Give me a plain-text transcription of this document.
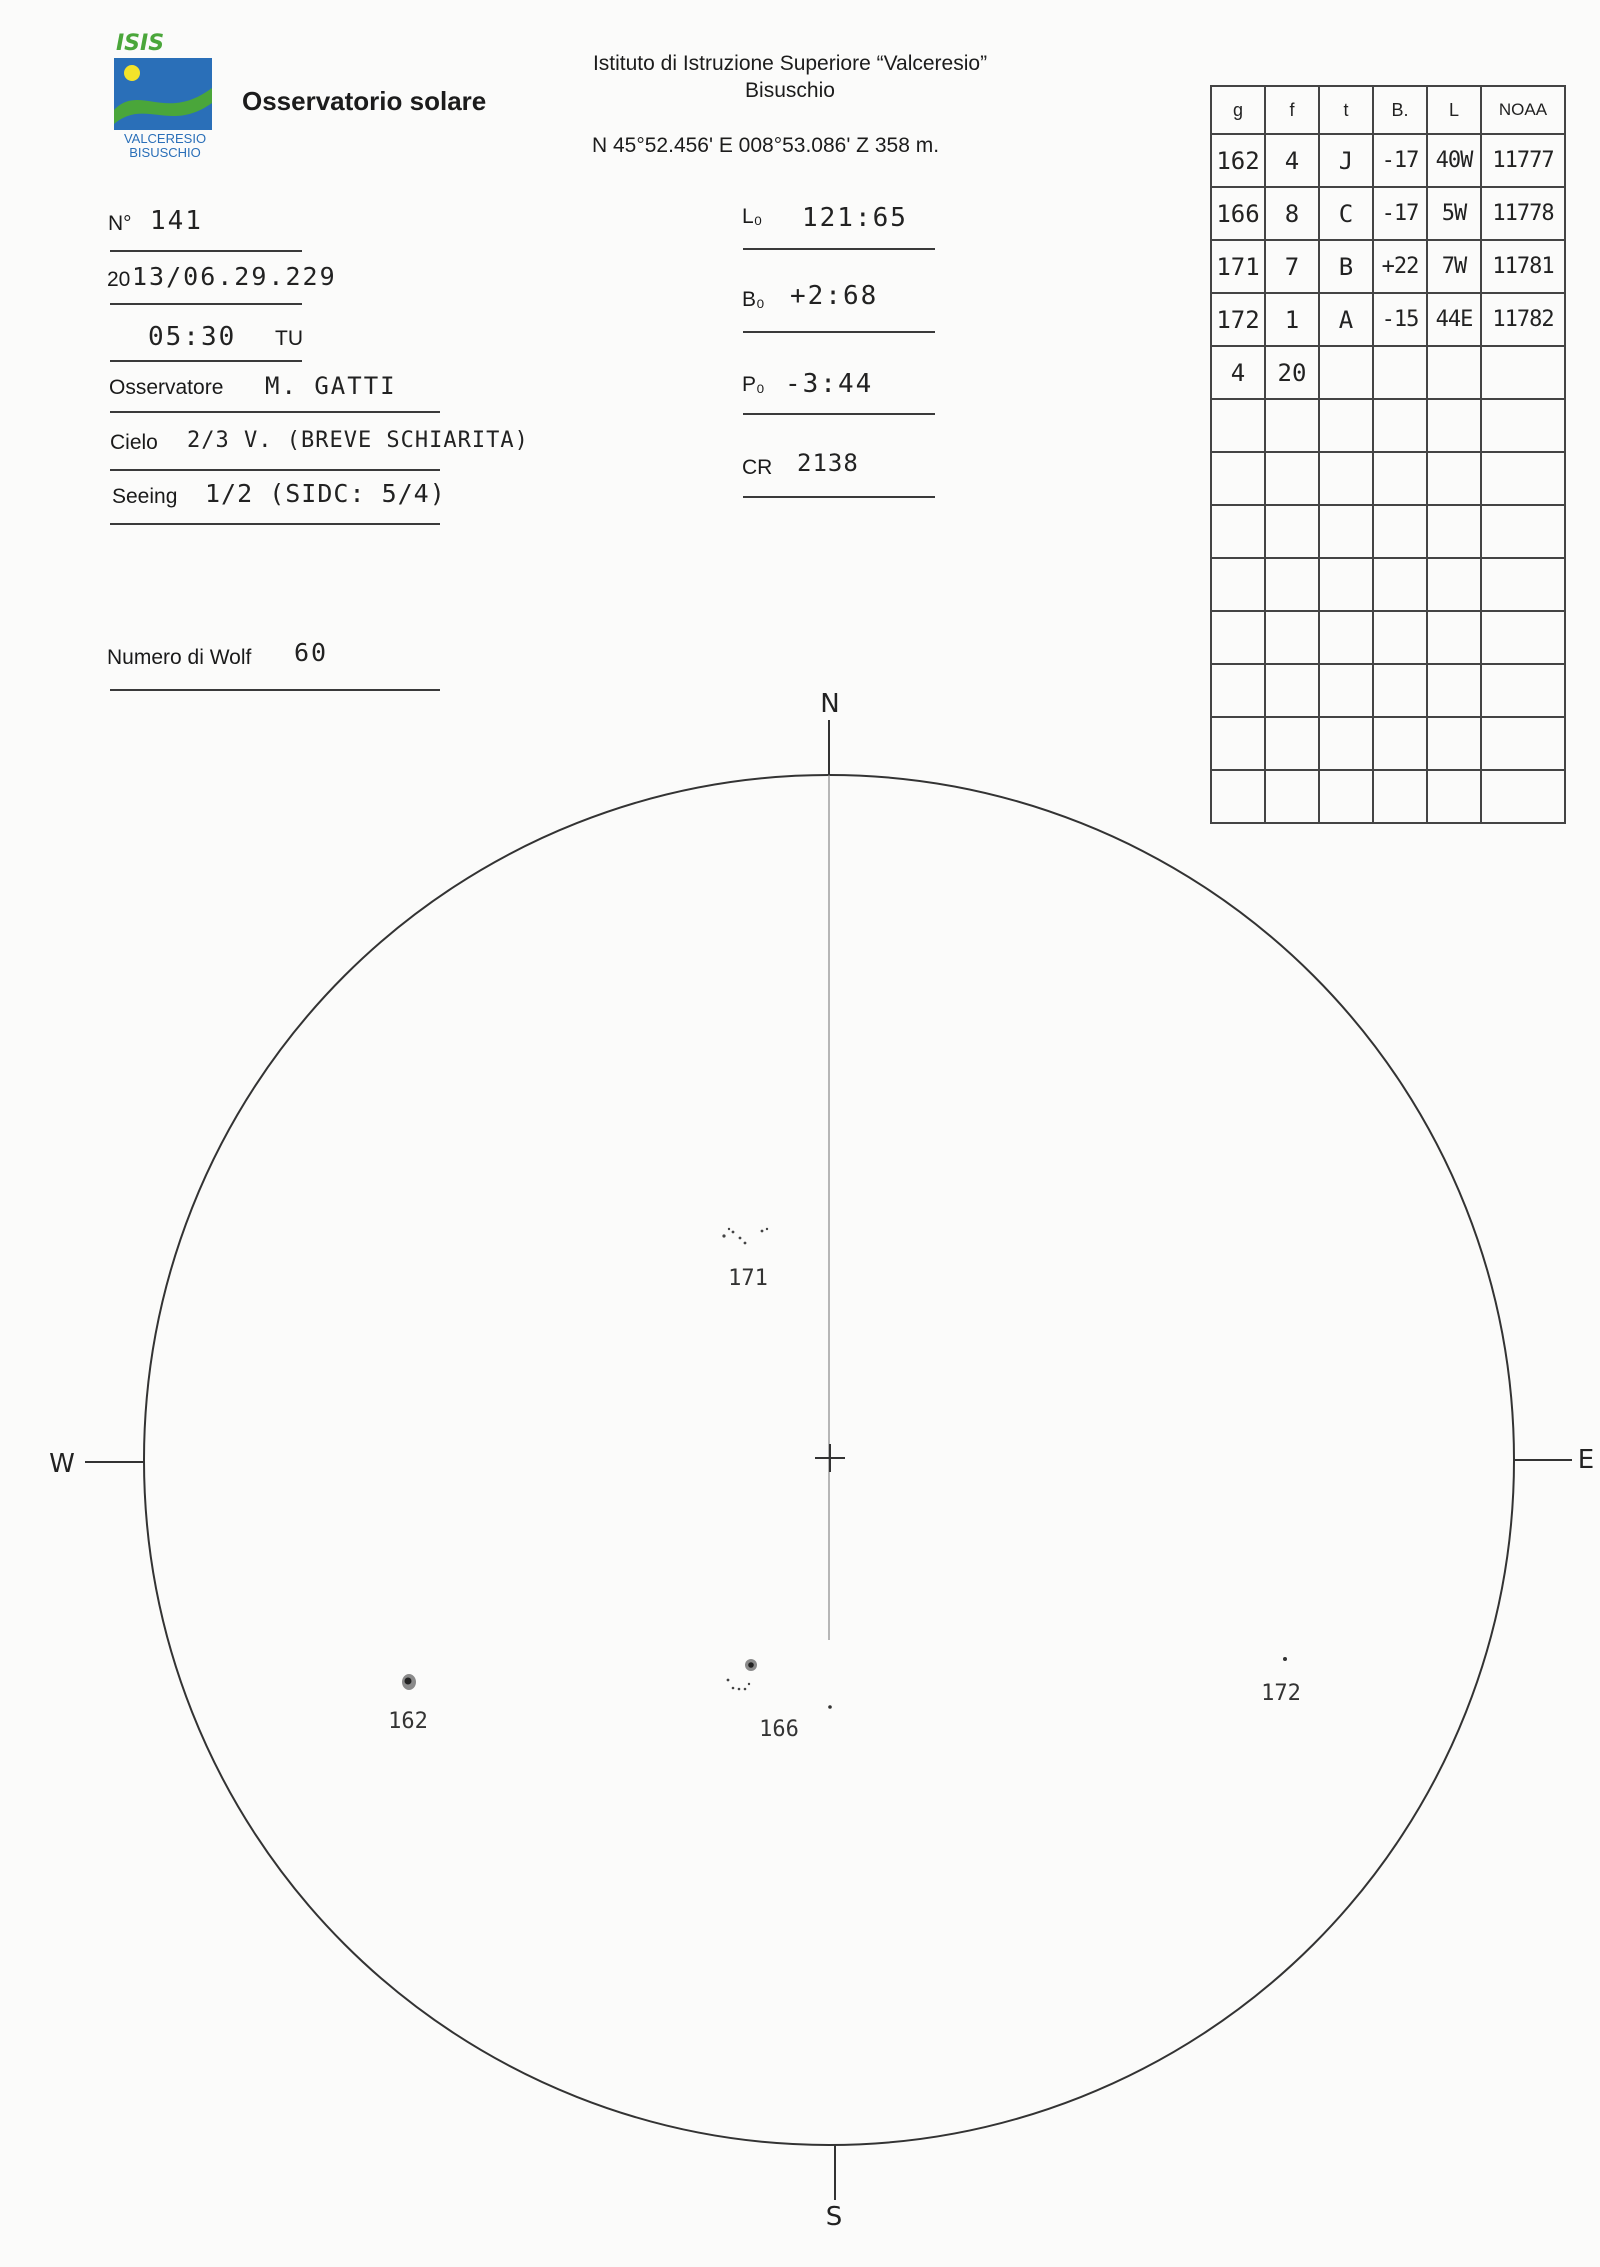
ISIS
VALCERESIO BISUSCHIO
Osservatorio solare
Istituto di Istruzione Superiore “Valceresio”
Bisuschio
N 45°52.456' E 008°53.086' Z 358 m.
N° 141
20 13/06.29.229
05:30 TU
Osservatore M. GATTI
Cielo 2/3 V. (BREVE SCHIARITA)
Seeing 1/2 (SIDC: 5/4)
Numero di Wolf 60
L₀ 121:65
B₀ +2:68
P₀ -3:44
CR 2138
g	f	t	B.	L	NOAA
162	4	J	-17	40W	11777
166	8	C	-17	5W	11778
171	7	B	+22	7W	11781
172	1	A	-15	44E	11782
4	20				

N
S
W	E
171
162	166
172
